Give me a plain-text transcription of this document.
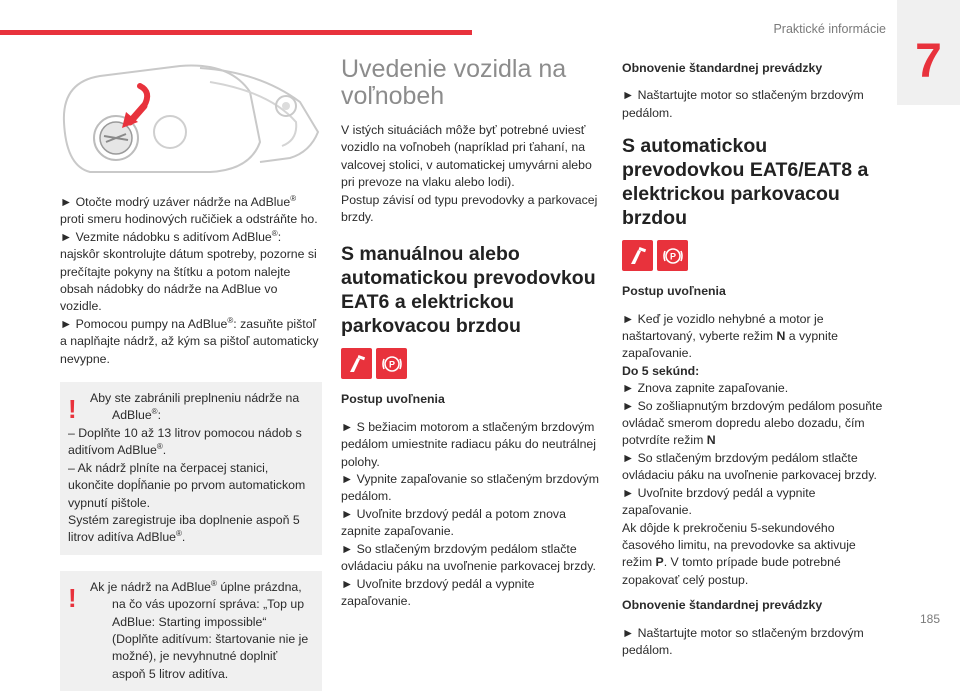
Praktické informácie
7
185

► Otočte modrý uzáver nádrže na AdBlue® proti smeru hodinových ručičiek a odstráňte ho.

► Vezmite nádobku s aditívom AdBlue®: najskôr skontrolujte dátum spotreby, pozorne si prečítajte pokyny na štítku a potom nalejte obsah nádobky do nádrže na AdBlue vo vozidle.

► Pomocou pumpy na AdBlue®: zasuňte pištoľ a naplňajte nádrž, až kým sa pištoľ automaticky nevypne.

! Aby ste zabránili preplneniu nádrže na AdBlue®:
– Doplňte 10 až 13 litrov pomocou nádob s aditívom AdBlue®.
– Ak nádrž plníte na čerpacej stanici, ukončite dopĺňanie po prvom automatickom vypnutí pištole.
Systém zaregistruje iba doplnenie aspoň 5 litrov aditíva AdBlue®.
! Ak je nádrž na AdBlue® úplne prázdna, na čo vás upozorní správa: „Top up AdBlue: Starting impossible“ (Doplňte aditívum: štartovanie nie je možné), je nevyhnutné doplniť aspoň 5 litrov aditíva.
Uvedenie vozidla na voľnobeh

V istých situáciách môže byť potrebné uviesť vozidlo na voľnobeh (napríklad pri ťahaní, na valcovej stolici, v automatickej umyvárni alebo pri prevoze na vlaku alebo lodi).

Postup závisí od typu prevodovky a parkovacej brzdy.

S manuálnou alebo automatickou prevodovkou EAT6 a elektrickou parkovacou brzdou
P
Postup uvoľnenia

► S bežiacim motorom a stlačeným brzdovým pedálom umiestnite radiacu páku do neutrálnej polohy.

► Vypnite zapaľovanie so stlačeným brzdovým pedálom.

► Uvoľnite brzdový pedál a potom znova zapnite zapaľovanie.

► So stlačeným brzdovým pedálom stlačte ovládaciu páku na uvoľnenie parkovacej brzdy.

► Uvoľnite brzdový pedál a vypnite zapaľovanie.

Obnovenie štandardnej prevádzky

► Naštartujte motor so stlačeným brzdovým pedálom.

S automatickou prevodovkou EAT6/EAT8 a elektrickou parkovacou brzdou
P
Postup uvoľnenia

► Keď je vozidlo nehybné a motor je naštartovaný, vyberte režim N a vypnite zapaľovanie.

Do 5 sekúnd:
► Znova zapnite zapaľovanie.
► So zošliapnutým brzdovým pedálom posuňte ovládač smerom dopredu alebo dozadu, čím potvrdíte režim N
► So stlačeným brzdovým pedálom stlačte ovládaciu páku na uvoľnenie parkovacej brzdy.
► Uvoľnite brzdový pedál a vypnite zapaľovanie.

Ak dôjde k prekročeniu 5-sekundového časového limitu, na prevodovke sa aktivuje režim P. V tomto prípade bude potrebné zopakovať celý postup.

Obnovenie štandardnej prevádzky

► Naštartujte motor so stlačeným brzdovým pedálom.
